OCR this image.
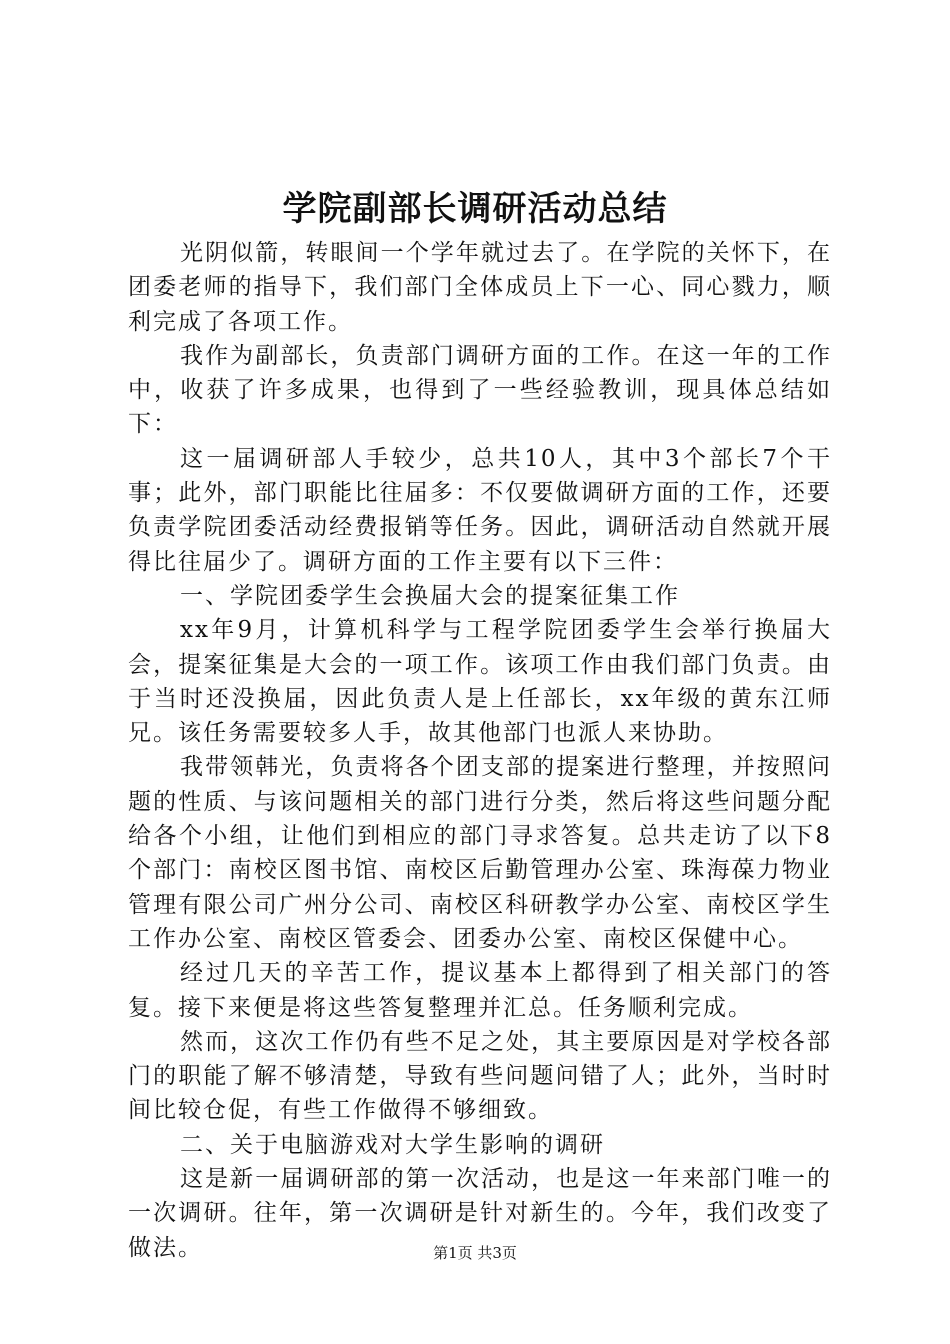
学院副部长调研活动总结

光阴似箭，转眼间一个学年就过去了。在学院的关怀下，在团委老师的指导下，我们部门全体成员上下一心、同心戮力，顺利完成了各项工作。

我作为副部长，负责部门调研方面的工作。在这一年的工作中，收获了许多成果，也得到了一些经验教训，现具体总结如下：

这一届调研部人手较少，总共10人，其中3个部长7个干事；此外，部门职能比往届多：不仅要做调研方面的工作，还要负责学院团委活动经费报销等任务。因此，调研活动自然就开展得比往届少了。调研方面的工作主要有以下三件：

一、学院团委学生会换届大会的提案征集工作

xx年9月，计算机科学与工程学院团委学生会举行换届大会，提案征集是大会的一项工作。该项工作由我们部门负责。由于当时还没换届，因此负责人是上任部长，xx年级的黄东江师兄。该任务需要较多人手，故其他部门也派人来协助。

我带领韩光，负责将各个团支部的提案进行整理，并按照问题的性质、与该问题相关的部门进行分类，然后将这些问题分配给各个小组，让他们到相应的部门寻求答复。总共走访了以下8个部门：南校区图书馆、南校区后勤管理办公室、珠海葆力物业管理有限公司广州分公司、南校区科研教学办公室、南校区学生工作办公室、南校区管委会、团委办公室、南校区保健中心。

经过几天的辛苦工作，提议基本上都得到了相关部门的答复。接下来便是将这些答复整理并汇总。任务顺利完成。

然而，这次工作仍有些不足之处，其主要原因是对学校各部门的职能了解不够清楚，导致有些问题问错了人；此外，当时时间比较仓促，有些工作做得不够细致。

二、关于电脑游戏对大学生影响的调研

这是新一届调研部的第一次活动，也是这一年来部门唯一的一次调研。往年，第一次调研是针对新生的。今年，我们改变了做法。	第1页 共3页
